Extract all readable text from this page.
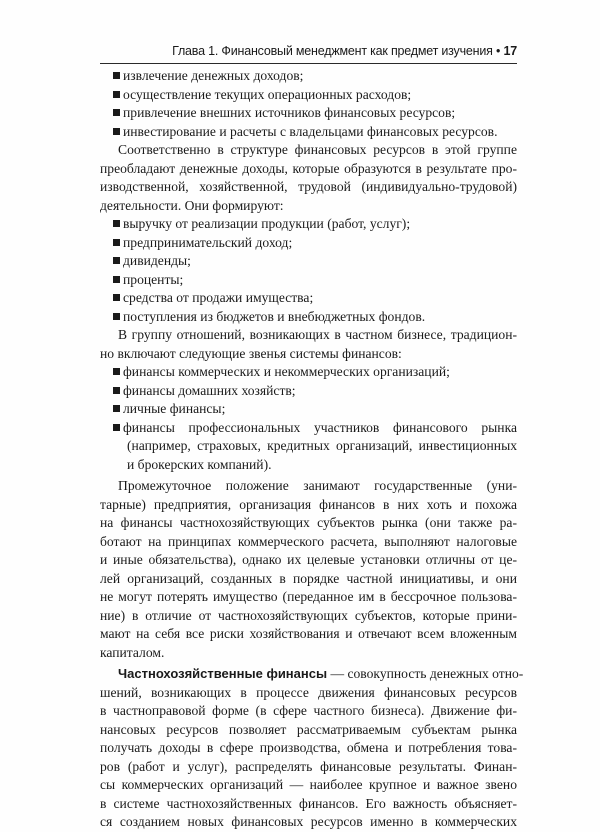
Глава 1. Финансовый менеджмент как предмет изучения • 17
извлечение денежных доходов;
осуществление текущих операционных расходов;
привлечение внешних источников финансовых ресурсов;
инвестирование и расчеты с владельцами финансовых ресурсов.
Соответственно в структуре финансовых ресурсов в этой группе
преобладают денежные доходы, которые образуются в результате про-
изводственной, хозяйственной, трудовой (индивидуально-трудовой)
деятельности. Они формируют:
выручку от реализации продукции (работ, услуг);
предпринимательский доход;
дивиденды;
проценты;
средства от продажи имущества;
поступления из бюджетов и внебюджетных фондов.
В группу отношений, возникающих в частном бизнесе, традицион-
но включают следующие звенья системы финансов:
финансы коммерческих и некоммерческих организаций;
финансы домашних хозяйств;
личные финансы;
финансы профессиональных участников финансового рынка
(например, страховых, кредитных организаций, инвестиционных
и брокерских компаний).
Промежуточное положение занимают государственные (уни-
тарные) предприятия, организация финансов в них хоть и похожа
на финансы частнохозяйствующих субъектов рынка (они также ра-
ботают на принципах коммерческого расчета, выполняют налоговые
и иные обязательства), однако их целевые установки отличны от це-
лей организаций, созданных в порядке частной инициативы, и они
не могут потерять имущество (переданное им в бессрочное пользова-
ние) в отличие от частнохозяйствующих субъектов, которые прини-
мают на себя все риски хозяйствования и отвечают всем вложенным
капиталом.
Частнохозяйственные финансы — совокупность денежных отно-
шений, возникающих в процессе движения финансовых ресурсов
в частноправовой форме (в сфере частного бизнеса). Движение фи-
нансовых ресурсов позволяет рассматриваемым субъектам рынка
получать доходы в сфере производства, обмена и потребления това-
ров (работ и услуг), распределять финансовые результаты. Финан-
сы коммерческих организаций — наиболее крупное и важное звено
в системе частнохозяйственных финансов. Его важность объясняет-
ся созданием новых финансовых ресурсов именно в коммерческих
